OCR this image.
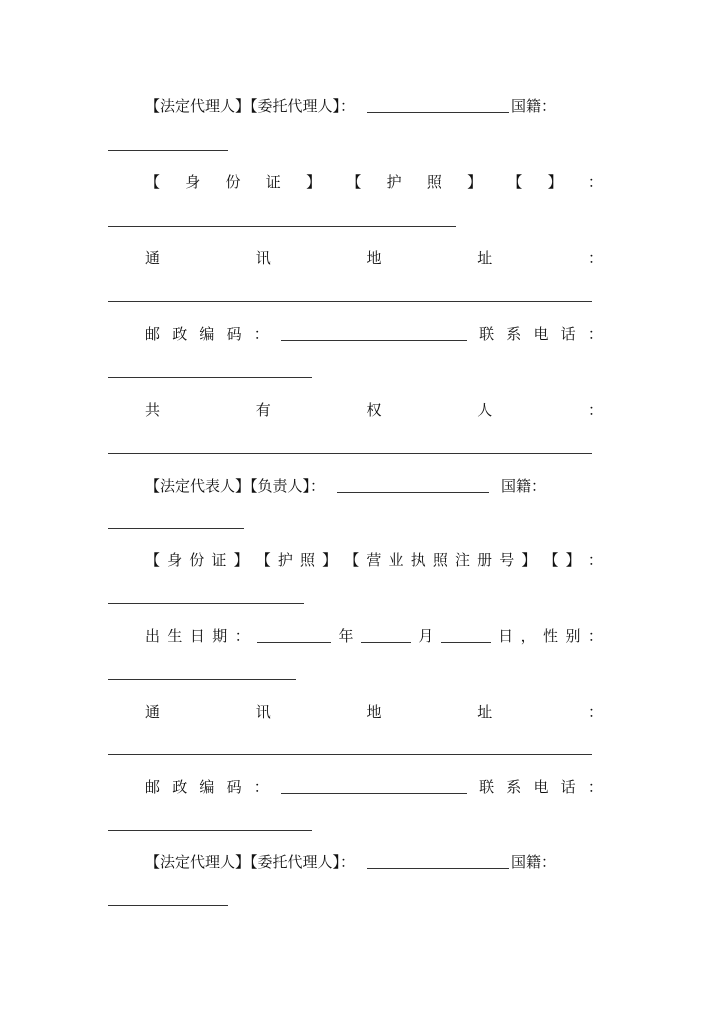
【法定代理人】【委托代理人】：	国籍：
【 身 份 证 】 【 护 照 】 【 】 ：
通	讯	地	址	：
邮 政 编 码 ：	联 系 电 话 ：
共	有	权	人	：
【法定代表人】【负责人】：	国籍：
【 身 份 证 】 【 护 照 】 【 营 业 执 照 注 册 号 】 【 】 ：
出 生 日 期 ：	年	月	日 ， 性 别 ：
通	讯	地	址	：
邮 政 编 码 ：	联 系 电 话 ：
【法定代理人】【委托代理人】：	国籍：
